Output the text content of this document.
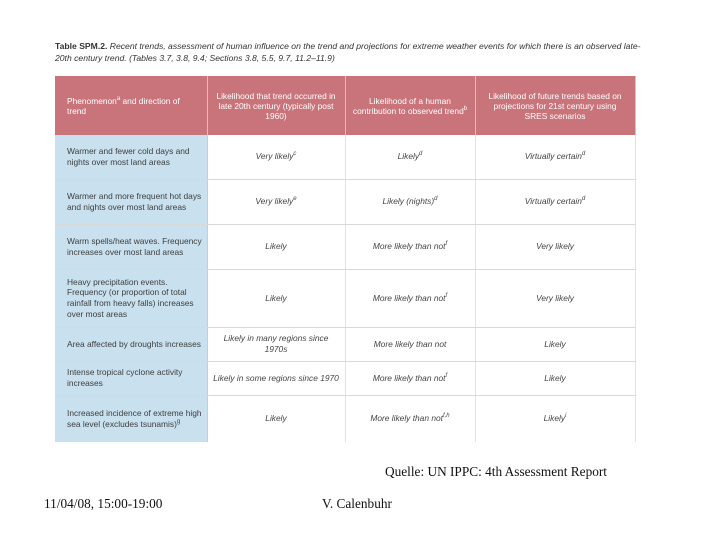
Table SPM.2. Recent trends, assessment of human influence on the trend and projections for extreme weather events for which there is an observed late-20th century trend. (Tables 3.7, 3.8, 9.4; Sections 3.8, 5.5, 9.7, 11.2–11.9)
Phenomenon$^a$ and direction of trend	Likelihood that trend occurred in late 20th century (typically post 1960)	Likelihood of a human contribution to observed trend$^b$	Likelihood of future trends based on projections for 21st century using SRES scenarios
Warmer and fewer cold days and nights over most land areas	Very likely$^c$	Likely$^d$	Virtually certain$^d$
Warmer and more frequent hot days and nights over most land areas	Very likely$^e$	Likely (nights)$^d$	Virtually certain$^d$
Warm spells/heat waves. Frequency increases over most land areas	Likely	More likely than not$^f$	Very likely
Heavy precipitation events. Frequency (or proportion of total rainfall from heavy falls) increases over most areas	Likely	More likely than not$^f$	Very likely
Area affected by droughts increases	Likely in many regions since 1970s	More likely than not	Likely
Intense tropical cyclone activity increases	Likely in some regions since 1970	More likely than not$^f$	Likely
Increased incidence of extreme high sea level (excludes tsunamis)$^g$	Likely	More likely than not$^{f,h}$	Likely$^i$
Quelle: UN IPPC: 4th Assessment Report
11/04/08, 15:00-19:00	V. Calenbuhr
